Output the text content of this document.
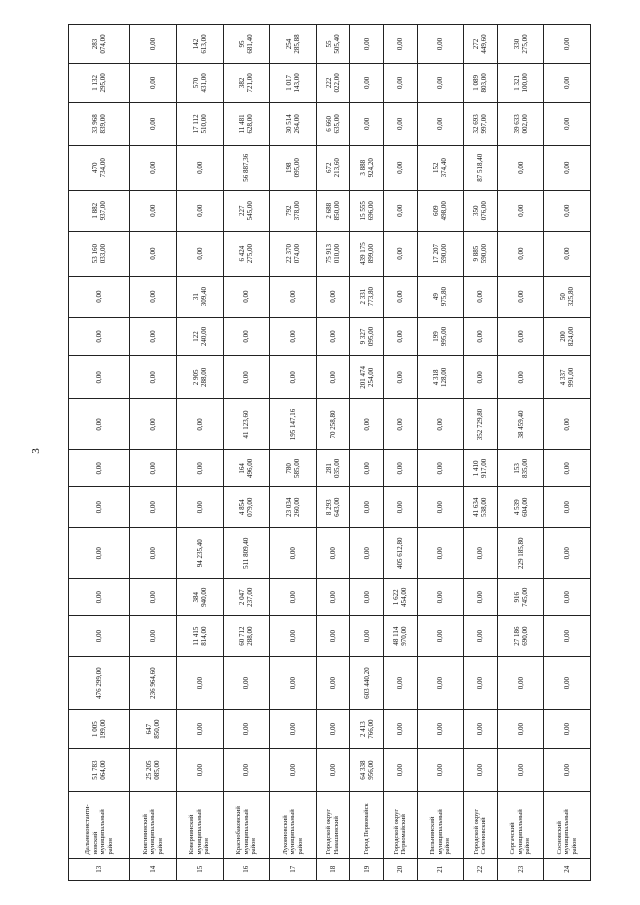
3
13	Дальнеконстанти-
новский
муниципальный
район	51 783
064,00	1 005
199,00	476 299,00	0,00	0,00	0,00	0,00	0,00	0,00	0,00	0,00	0,00	53 160
033,00	1 882
937,00	470
734,00	33 968
839,00	1 132
295,00	283
074,00
14	Княгининский
муниципальный
район	25 205
085,00	647
850,00	236 964,60	0,00	0,00	0,00	0,00	0,00	0,00	0,00	0,00	0,00	0,00	0,00	0,00	0,00	0,00	0,00
15	Ковернинский
муниципальный
район	0,00	0,00	0,00	11 415
814,00	384
940,00	94 235,40	0,00	0,00	0,00	2 905
288,00	122
240,00	31
309,40	0,00	0,00	0,00	17 112
510,00	570
431,00	142
613,00
16	Краснобаковский
муниципальный
район	0,00	0,00	0,00	60 712
288,00	2 047
237,00	511 809,40	4 854
079,00	164
496,00	41 123,60	0,00	0,00	0,00	6 424
275,00	227
545,00	56 887,36	11 481
628,00	382
721,00	95
681,40
17	Лукояновский
муниципальный
район	0,00	0,00	0,00	0,00	0,00	0,00	23 034
260,00	780
585,00	195 147,16	0,00	0,00	0,00	22 370
074,00	792
378,00	198
095,00	30 514
264,00	1 017
143,00	254
285,88
18	Городской округ
Навашинский	0,00	0,00	0,00	0,00	0,00	0,00	8 293
643,00	281
035,00	70 258,80	0,00	0,00	0,00	75 913
010,00	2 688
850,00	672
213,60	6 660
635,00	222
022,00	55
505,40
19	Город Первомайск	64 338
956,00	2 413
766,00	603 440,20	0,00	0,00	0,00	0,00	0,00	0,00	201 474
254,00	9 327
095,00	2 331
773,80	439 175
899,00	15 555
696,00	3 888
924,20	0,00	0,00	0,00
20	Городской округ
Первомайский	0,00	0,00	0,00	48 114
970,00	1 622
454,00	405 612,80	0,00	0,00	0,00	0,00	0,00	0,00	0,00	0,00	0,00	0,00	0,00	0,00
21	Пильнинский
муниципальный
район	0,00	0,00	0,00	0,00	0,00	0,00	0,00	0,00	0,00	4 318
128,00	199
995,00	49
975,80	17 207
590,00	609
498,00	152
374,40	0,00	0,00	0,00
22	Городской округ
Семеновский	0,00	0,00	0,00	0,00	0,00	0,00	41 634
538,00	1 410
917,00	352 729,80	0,00	0,00	0,00	9 885
590,00	350
076,00	87 518,40	32 693
997,00	1 089
803,00	272
449,60
23	Сергачский
муниципальный
район	0,00	0,00	0,00	27 186
690,00	916
745,00	229 185,80	4 539
604,00	153
835,00	38 459,40	0,00	0,00	0,00	0,00	0,00	0,00	39 633
002,00	1 321
100,00	330
275,00
24	Сосновский
муниципальный
район	0,00	0,00	0,00	0,00	0,00	0,00	0,00	0,00	0,00	4 337
991,00	200
824,00	50
325,80	0,00	0,00	0,00	0,00	0,00	0,00
